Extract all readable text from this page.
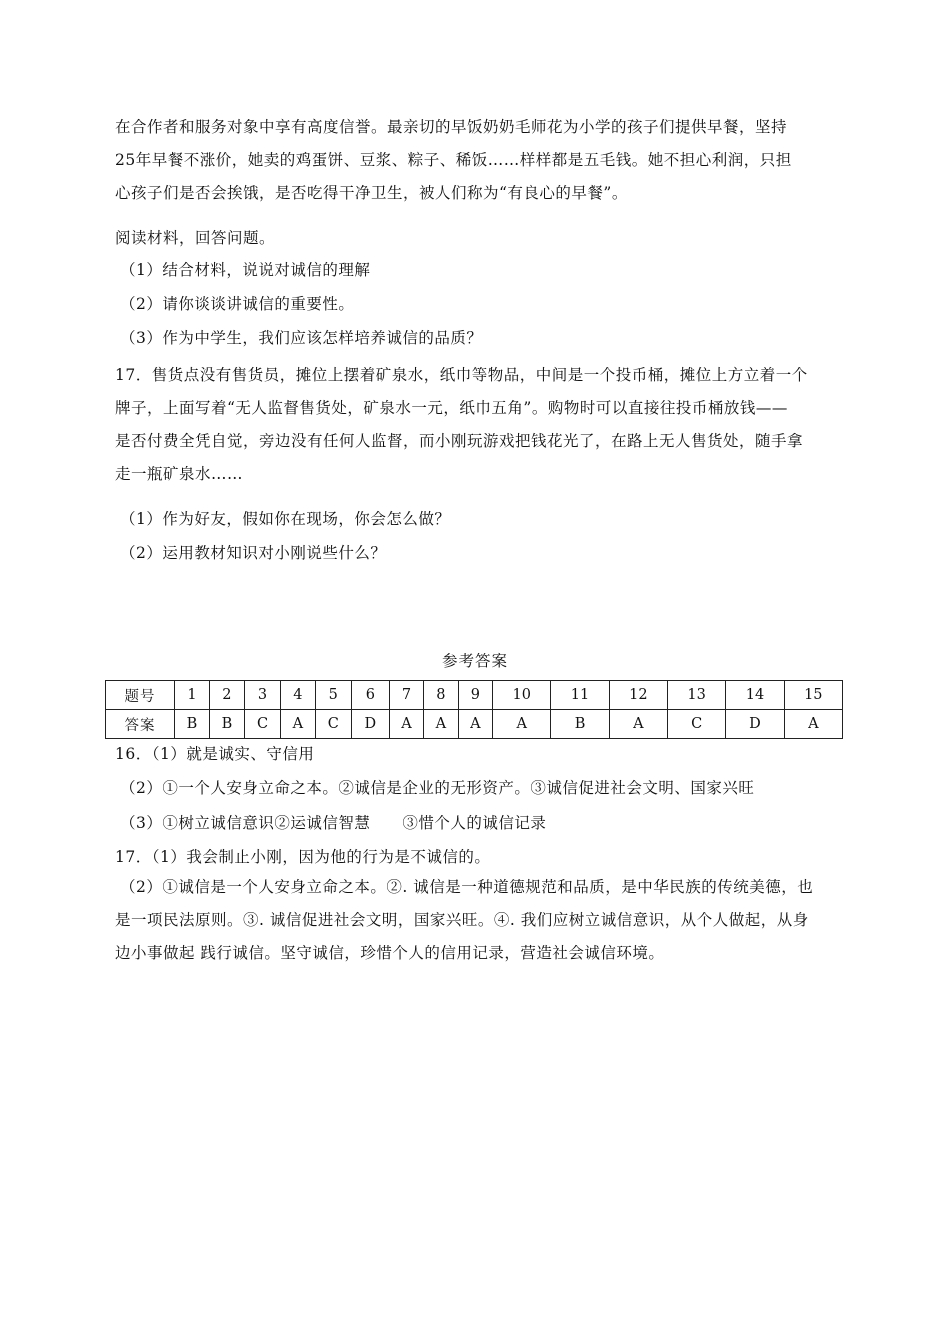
在合作者和服务对象中享有高度信誉。最亲切的早饭奶奶毛师花为小学的孩子们提供早餐，坚持
25年早餐不涨价，她卖的鸡蛋饼、豆浆、粽子、稀饭……样样都是五毛钱。她不担心利润，只担
心孩子们是否会挨饿，是否吃得干净卫生，被人们称为“有良心的早餐”。

阅读材料，回答问题。

（1）结合材料，说说对诚信的理解

（2）请你谈谈讲诚信的重要性。

（3）作为中学生，我们应该怎样培养诚信的品质？

17．售货点没有售货员，摊位上摆着矿泉水，纸巾等物品，中间是一个投币桶，摊位上方立着一个
牌子，上面写着“无人监督售货处，矿泉水一元，纸巾五角”。购物时可以直接往投币桶放钱——
是否付费全凭自觉，旁边没有任何人监督，而小刚玩游戏把钱花光了，在路上无人售货处，随手拿
走一瓶矿泉水……

（1）作为好友，假如你在现场，你会怎么做？

（2）运用教材知识对小刚说些什么？

参考答案

题号	1	2	3	4	5	6	7	8	9	10	11	12	13	14	15
答案	B	B	C	A	C	D	A	A	A	A	B	A	C	D	A

16．（1）就是诚实、守信用

（2）①一个人安身立命之本。②诚信是企业的无形资产。③诚信促进社会文明、国家兴旺

（3）①树立诚信意识②运诚信智慧　　③惜个人的诚信记录

17．（1）我会制止小刚，因为他的行为是不诚信的。

（2）①诚信是一个人安身立命之本。②. 诚信是一种道德规范和品质，是中华民族的传统美德，也
是一项民法原则。③. 诚信促进社会文明，国家兴旺。④. 我们应树立诚信意识，从个人做起，从身
边小事做起 践行诚信。坚守诚信，珍惜个人的信用记录，营造社会诚信环境。
